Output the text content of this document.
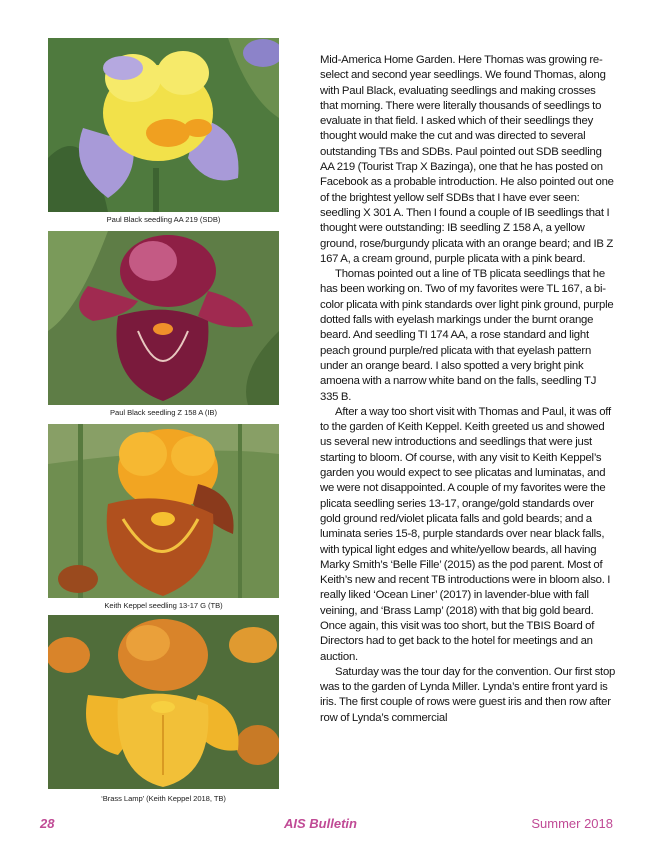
Paul Black seedling AA 219 (SDB)
Paul Black seedling Z 158 A (IB)
Keith Keppel seedling 13-17 G (TB)
‘Brass Lamp’ (Keith Keppel 2018, TB)

Mid-America Home Garden. Here Thomas was growing re-select and second year seedlings. We found Thomas, along with Paul Black, evaluating seedlings and making crosses that morning. There were literally thousands of seedlings to evaluate in that field. I asked which of their seedlings they thought would make the cut and was directed to several outstanding TBs and SDBs. Paul pointed out SDB seedling AA 219 (Tourist Trap X Bazinga), one that he has posted on Facebook as a probable introduction. He also pointed out one of the brightest yellow self SDBs that I have ever seen: seedling X 301 A. Then I found a couple of IB seedlings that I thought were outstanding: IB seedling Z 158 A, a yellow ground, rose/burgundy plicata with an orange beard; and IB Z 167 A, a cream ground, purple plicata with a pink beard.

Thomas pointed out a line of TB plicata seedlings that he has been working on. Two of my favorites were TL 167, a bi-color plicata with pink standards over light pink ground, purple dotted falls with eyelash markings under the burnt orange beard. And seedling TI 174 AA, a rose standard and light peach ground purple/red plicata with that eyelash pattern under an orange beard. I also spotted a very bright pink amoena with a narrow white band on the falls, seedling TJ 335 B.

After a way too short visit with Thomas and Paul, it was off to the garden of Keith Keppel. Keith greeted us and showed us several new introductions and seedlings that were just starting to bloom. Of course, with any visit to Keith Keppel’s garden you would expect to see plicatas and luminatas, and we were not disappointed. A couple of my favorites were the plicata seedling series 13-17, orange/gold standards over gold ground red/violet plicata falls and gold beards; and a luminata series 15-8, purple standards over near black falls, with typical light edges and white/yellow beards, all having Marky Smith’s ‘Belle Fille’ (2015) as the pod parent. Most of Keith’s new and recent TB introductions were in bloom also. I really liked ‘Ocean Liner’ (2017) in lavender-blue with fall veining, and ‘Brass Lamp’ (2018) with that big gold beard. Once again, this visit was too short, but the TBIS Board of Directors had to get back to the hotel for meetings and an auction.

Saturday was the tour day for the convention. Our first stop was to the garden of Lynda Miller. Lynda’s entire front yard is iris. The first couple of rows were guest iris and then row after row of Lynda’s commercial

28	AIS Bulletin	Summer 2018
